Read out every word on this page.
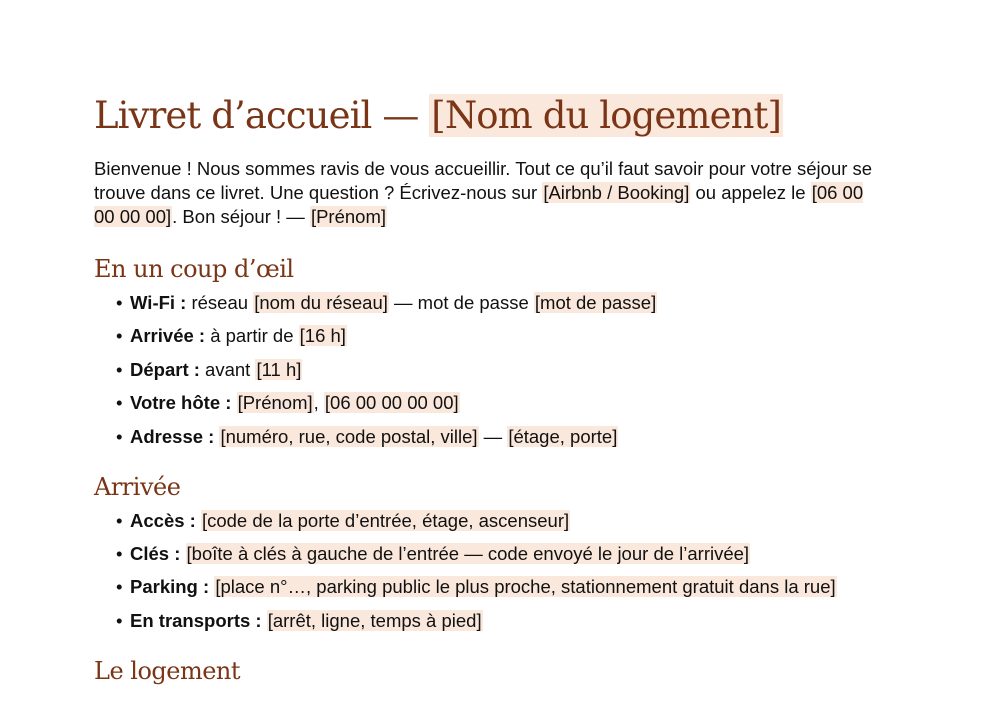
Livret d’accueil — [Nom du logement]

Bienvenue ! Nous sommes ravis de vous accueillir. Tout ce qu’il faut savoir pour votre séjour se trouve dans ce livret. Une question ? Écrivez-nous sur [Airbnb / Booking] ou appelez le [06 00 00 00 00]. Bon séjour ! — [Prénom]

En un coup d’œil
• Wi-Fi : réseau [nom du réseau] — mot de passe [mot de passe]
• Arrivée : à partir de [16 h]
• Départ : avant [11 h]
• Votre hôte : [Prénom], [06 00 00 00 00]
• Adresse : [numéro, rue, code postal, ville] — [étage, porte]
Arrivée
• Accès : [code de la porte d’entrée, étage, ascenseur]
• Clés : [boîte à clés à gauche de l’entrée — code envoyé le jour de l’arrivée]
• Parking : [place n°…, parking public le plus proche, stationnement gratuit dans la rue]
• En transports : [arrêt, ligne, temps à pied]
Le logement
